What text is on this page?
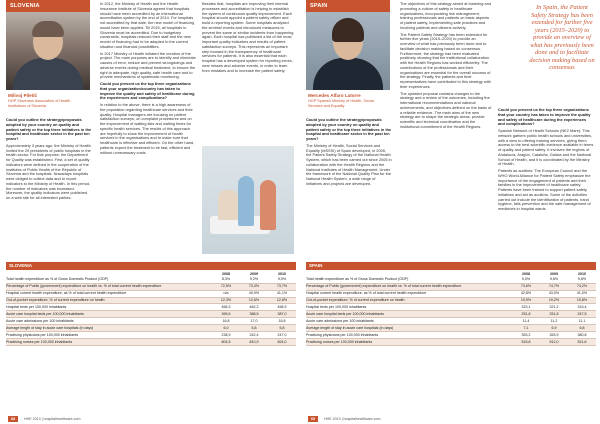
SLOVENIA
Milivoj Piletič
HOP Slovenian Association of Health Institutions of Slovenia

Could you outline the strategy/proposals adopted by your country on quality and patient safety or the top three initiatives in the hospital and healthcare sector in the past ten years?

Approximately 3 years ago, the Ministry of Health invited the 29 presidents of public hospitals in the health sector. For that purpose, the Department for Quality was established. First, a set of quality indicators were defined in the cooperation of the Institutes of Public Health of the Republic of Slovenia and the hospitals. Nowadays hospitals were obliged to collect data and to report indicators to the Ministry of Health. In this period, the number of indicators was increased. Moreover, the quality indicators were published on a web site for all interested parties.

In 2012, the Ministry of Health and the Health Insurance Institute of Slovenia agreed that hospitals should have been accredited by an international accreditation system by the end of 2014. For hospitals not accredited by that date, the new model of financing would have been applied. Till 2015, all hospitals in Slovenia must be accredited. Due to budgetary constraints, hospitals reduced their staff and the new model of financing had to be adapted to the current situation and financial possibilities.

In 2017 Ministry of Health initiated the creation of the project. The main purposes are to identify and eliminate causes of error, reduce and prevent wrongdoings and adverse events during medical treatment, to ensure the right to adequate, high quality, safe health care and to provide mechanisms of systematic monitoring.

Could you present us the top three organizations that your organization/country has taken to improve the quality and safety of healthcare during the experiences and complications?

In relation to the above, there is a high awareness of the population regarding healthcare services and their quality. Hospital managers are focusing on patient satisfaction surveys, on complaint procedures and on the improvement of waiting lists and waiting times for specific health services. The results of this approach are hopefully to show the improvement of health services in the organisations and to make sure that healthcare is effective and efficient. On the other hand, patients expect the treatment to be fast, efficient and without unnecessary costs.

Besides that, hospitals are improving their internal processes and accreditation is helping to establish the system of continuous quality improvement. Each hospital should appoint a patient safety officer and build a reporting system. Some hospitals analysed the sentinel events and introduced measures to prevent the same or similar incidents from happening again. Each hospital has published a list of the most important quality indicators and results of patient satisfaction surveys. This represents an important step forward in the transparency of healthcare services for patients. It is also essential that each hospital has a developed system for reporting errors, near misses and adverse events, in order to learn from mistakes and to increase the patient safety.

SLOVENIA
	2008	2009	2010
Total health expenditure as % of Gross Domestic Product (GDP)	8,3%	9,2%	9,0%
Percentage of Public (government) expenditure on health vs. % of total current health expenditure	72,5%	73,3%	73,7%
Hospital current health expenditure, as % of total current health expenditure	n/a	40,9%	41,1%
Out-of-pocket expenditure, % of current expenditure on health	12,3%	12,6%	12,8%
Hospital beds per 100,000 inhabitants	466,3	462,2	458,9
Acute care hospital beds per 100,000 inhabitants	395,5	388,5	387,0
Acute care admissions per 100 inhabitants	16,8	17,0	16,8
Average length of stay in acute care hospitals (in days)	6,0	5,8	5,8
Practising physicians per 100,000 inhabitants	238,9	242,4	247,0
Practising nurses per 100,000 inhabitants	804,5	810,9	824,0
68	HHE 2013 | hospitalhealthcare.com
SPAIN
Mercedes Alfaro Latorre
HOP Spanish Ministry of Health, Social Services and Equality

Could you outline the strategy/proposals adopted by your country on quality and patient safety or the top three initiatives in the hospital and healthcare sector in the past ten years?

The Ministry of Health, Social Services and Equality (MSSSI) of Spain developed, in 2005, the Patient Safety Strategy of the National Health System, which has been carried out since 2005 in collaboration with the Health Regions and the National Institutes of Health Management. Under the framework of the National Quality Plan for the National Health System, a wide range of initiatives and projects are developed.

The objectives of this strategy aimed at fostering and promoting a culture of safety in healthcare organizations, incorporating risk management, training professionals and patients on basic aspects of patient safety, implementing safe practices and involving patients and citizens actively.

The Patient Safety Strategy has been extended for further five years (2015–2020) to provide an overview of what has previously been done and to facilitate decision making based on consensus. Furthermore, the strategy has been evaluated positively showing that the institutional collaboration with the Health Regions has worked efficiently. The contributions of the professionals and their organizations are essential for the overall success of the strategy. Finally, the patients and their representatives have contributed to this strategy with their experiences.

The updated proposal contains changes to the strategy and a review of the outcomes, including the international recommendations and national achievements, and objectives defined on the basis of a reliable evidence. The main aims of the new strategy are to shape the strategic areas, provide scientific and technical coordination and the institutional commitment of the Health Regions.

Could you present us the top three organizations that your country has taken to improve the quality and safety of healthcare during the experiences and complications?

Spanish Network of Health Schools (NE2 Mare): This network gathers public health schools and universities, with a view to offering training services, giving them access to the best scientific evidence available in terms of quality and patient safety. It involves the regions of Andalucía, Aragón, Cataluña, Galicia and the National School of Health, and it is coordinated by the Ministry of Health.

Patients as auditors: The European Council and the WHO World Alliance for Patient Safety emphasize the importance of the engagement of patients and their families in the improvement of healthcare safety. Patients have been trained to support patient safety initiatives and act as auditors. Some of the activities carried out include the identification of patients, hand hygiene, falls prevention and the safe management of medicines in hospital wards.

In Spain, the Patient Safety Strategy has been extended for further five years (2015–2020) to provide an overview of what has previously been done and to facilitate decision making based on consensus
SPAIN
	2008	2009	2010
Total health expenditure as % of Gross Domestic Product (GDP)	9,0%	9,6%	9,6%
Percentage of Public (government) expenditure on health vs. % of total current health expenditure	73,6%	74,7%	74,2%
Hospital current health expenditure, as % of total current health expenditure	42,8%	43,0%	41,0%
Out-of-pocket expenditure, % of current expenditure on health	19,9%	19,2%	19,8%
Hospital beds per 100,000 inhabitants	323,1	321,2	315,4
Acute care hospital beds per 100,000 inhabitants	251,6	251,8	247,5
Acute care admissions per 100 inhabitants	11,4	11,2	11,1
Average length of stay in acute care hospitals (in days)	7,1	6,9	6,8
Practising physicians per 100,000 inhabitants	353,2	353,9	380,8
Practising nurses per 100,000 inhabitants	515,8	512,0	521,6
69	HHE 2013 | hospitalhealthcare.com
